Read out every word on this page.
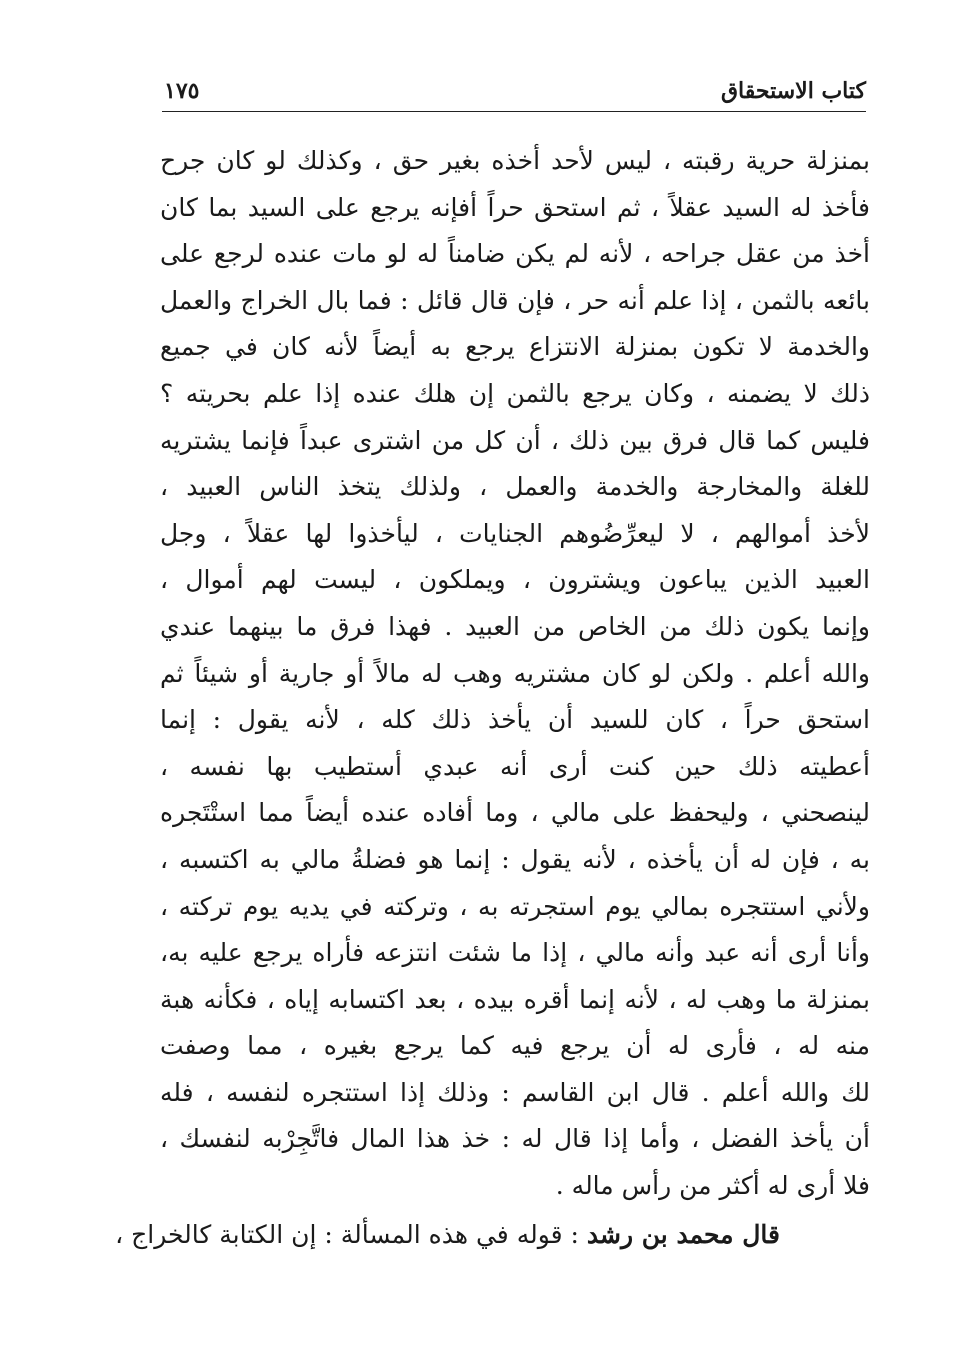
كتاب الاستحقاق
١٧٥
بمنزلة حرية رقبته ، ليس لأحد أخذه بغير حق ، وكذلك لو كان جرح
فأخذ له السيد عقلاً ، ثم استحق حراً أفإنه يرجع على السيد بما كان
أخذ من عقل جراحه ، لأنه لم يكن ضامناً له لو مات عنده لرجع على
بائعه بالثمن ، إذا علم أنه حر ، فإن قال قائل : فما بال الخراج والعمل
والخدمة لا تكون بمنزلة الانتزاع يرجع به أيضاً لأنه كان في جميع
ذلك لا يضمنه ، وكان يرجع بالثمن إن هلك عنده إذا علم بحريته ؟
فليس كما قال فرق بين ذلك ، أن كل من اشترى عبداً فإنما يشتريه
للغلة والمخارجة والخدمة والعمل ، ولذلك يتخذ الناس العبيد ،
لأخذ أموالهم ، لا ليعرِّضُوهم الجنايات ، ليأخذوا لها عقلاً ، وجل
العبيد الذين يباعون ويشترون ، ويملكون ، ليست لهم أموال ،
وإنما يكون ذلك من الخاص من العبيد . فهذا فرق ما بينهما عندي
والله أعلم . ولكن لو كان مشتريه وهب له مالاً أو جارية أو شيئاً ثم
استحق حراً ، كان للسيد أن يأخذ ذلك كله ، لأنه يقول : إنما
أعطيته ذلك حين كنت أرى أنه عبدي أستطيب بها نفسه ،
لينصحني ، وليحفظ على مالي ، وما أفاده عنده أيضاً مما استْتَجره
به ، فإن له أن يأخذه ، لأنه يقول : إنما هو فضلةُ مالي به اكتسبه ،
ولأني استتجره بمالي يوم استجرته به ، وتركته في يديه يوم تركته ،
وأنا أرى أنه عبد وأنه مالي ، إذا ما شئت انتزعه فأراه يرجع عليه به،
بمنزلة ما وهب له ، لأنه إنما أقره بيده ، بعد اكتسابه إياه ، فكأنه هبة
منه له ، فأرى له أن يرجع فيه كما يرجع بغيره ، مما وصفت
لك والله أعلم . قال ابن القاسم : وذلك إذا استتجره لنفسه ، فله
أن يأخذ الفضل ، وأما إذا قال له : خذ هذا المال فاتَّجِرْبه لنفسك ،
فلا أرى له أكثر من رأس ماله .
قال محمد بن رشد : قوله في هذه المسألة : إن الكتابة كالخراج ،
